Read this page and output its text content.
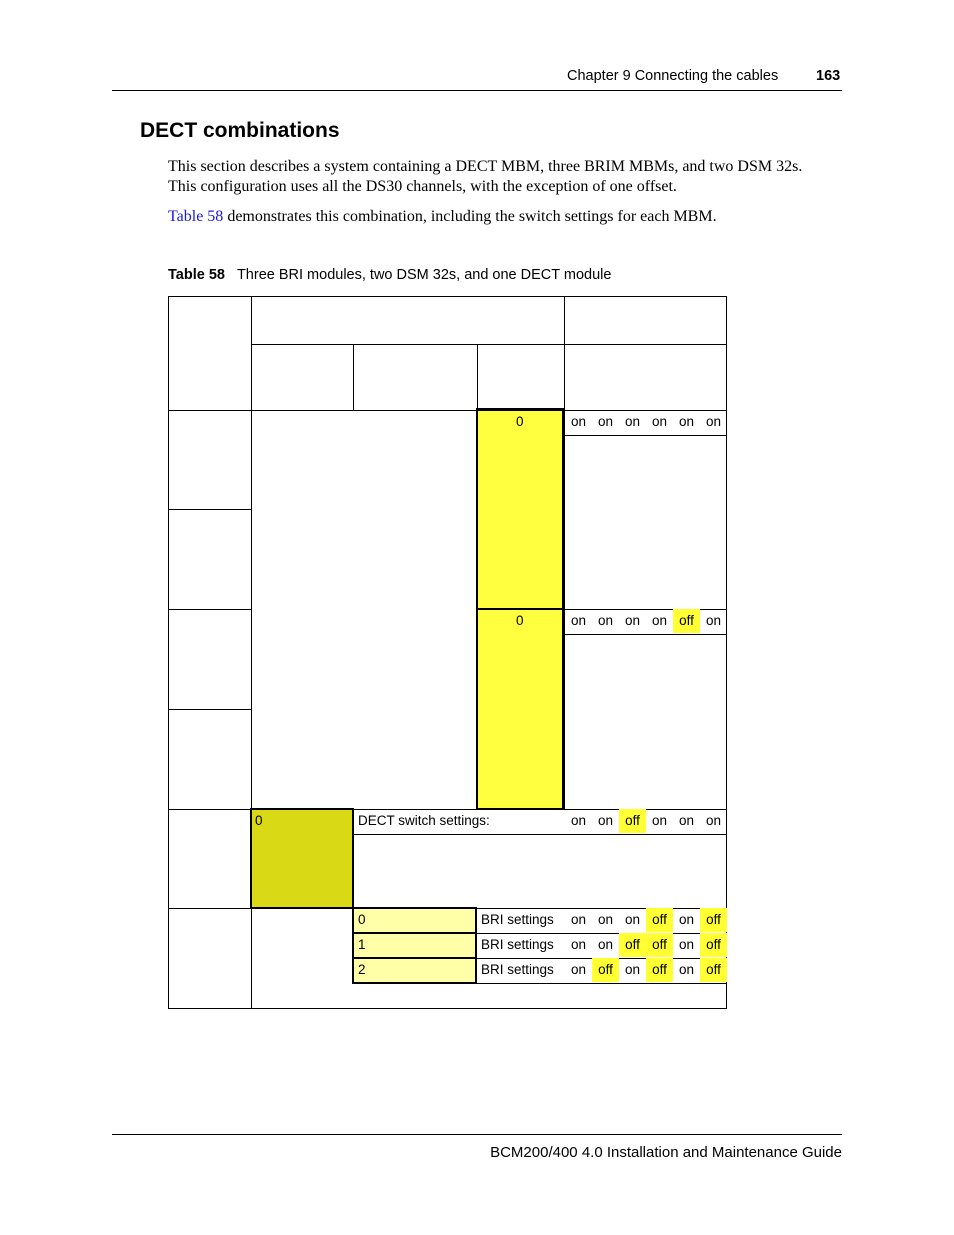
Chapter 9 Connecting the cables	163
DECT combinations
This section describes a system containing a DECT MBM, three BRIM MBMs, and two DSM 32s.
This configuration uses all the DS30 channels, with the exception of one offset.
Table 58 demonstrates this combination, including the switch settings for each MBM.
Table 58 Three BRI modules, two DSM 32s, and one DECT module
0	on on on on on on
0	on on on on off on
0	DECT switch settings:	on on off on on on
0	BRI settings	on on on off on off
1	BRI settings	on on off off on off
2	BRI settings	on off on off on off
BCM200/400 4.0 Installation and Maintenance Guide
